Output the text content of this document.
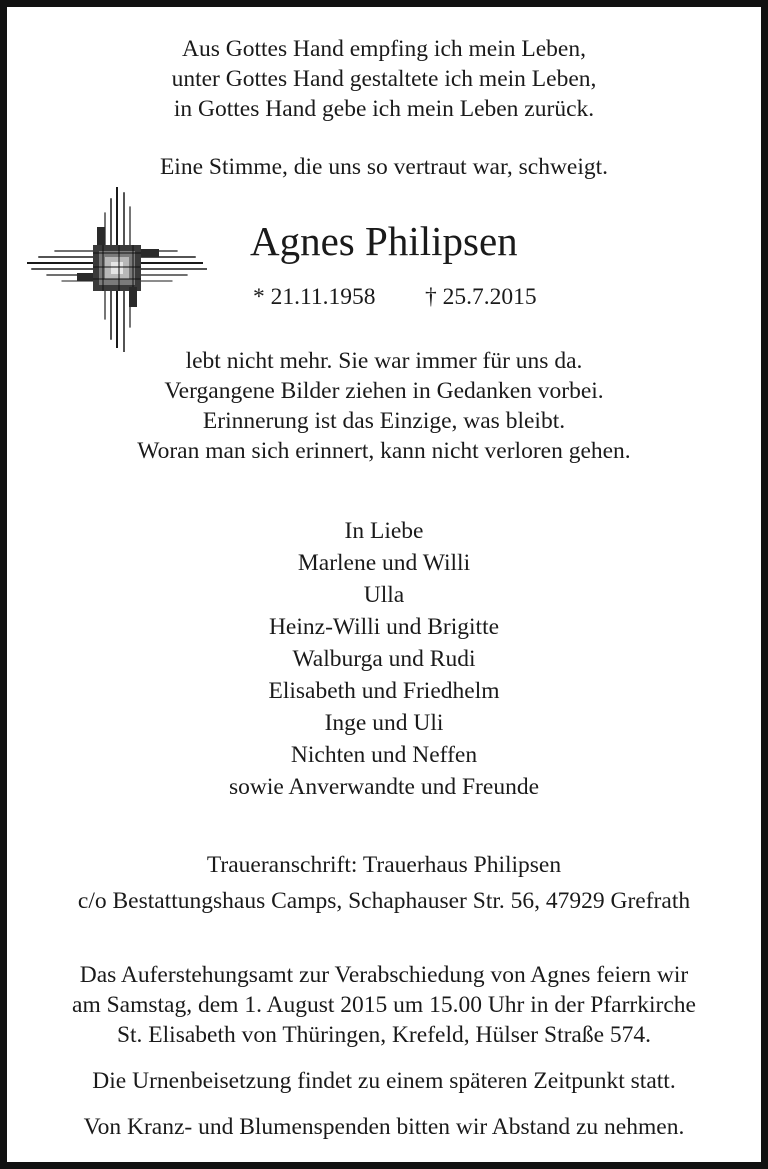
Aus Gottes Hand empfing ich mein Leben,
unter Gottes Hand gestaltete ich mein Leben,
in Gottes Hand gebe ich mein Leben zurück.
Eine Stimme, die uns so vertraut war, schweigt.
Agnes Philipsen
* 21.11.1958 † 25.7.2015
lebt nicht mehr. Sie war immer für uns da.
Vergangene Bilder ziehen in Gedanken vorbei.
Erinnerung ist das Einzige, was bleibt.
Woran man sich erinnert, kann nicht verloren gehen.
In Liebe
Marlene und Willi
Ulla
Heinz-Willi und Brigitte
Walburga und Rudi
Elisabeth und Friedhelm
Inge und Uli
Nichten und Neffen
sowie Anverwandte und Freunde
Traueranschrift: Trauerhaus Philipsen
c/o Bestattungshaus Camps, Schaphauser Str. 56, 47929 Grefrath
Das Auferstehungsamt zur Verabschiedung von Agnes feiern wir
am Samstag, dem 1. August 2015 um 15.00 Uhr in der Pfarrkirche
St. Elisabeth von Thüringen, Krefeld, Hülser Straße 574.
Die Urnenbeisetzung findet zu einem späteren Zeitpunkt statt.
Von Kranz- und Blumenspenden bitten wir Abstand zu nehmen.
